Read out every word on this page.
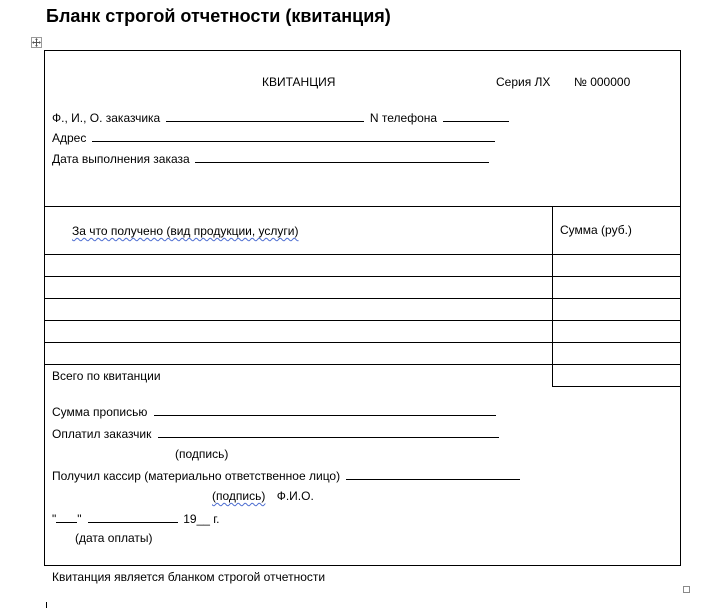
Бланк строгой отчетности (квитанция)
КВИТАНЦИЯ	Серия ЛХ № 000000
Ф., И., О. заказчика	N телефона
Адрес
Дата выполнения заказа
За что получено (вид продукции, услуги)	Сумма (руб.)
Всего по квитанции
Сумма прописью
Оплатил заказчик
(подпись)
Получил кассир (материально ответственное лицо)
(подпись) Ф.И.О.
" "	19__ г.
(дата оплаты)
Квитанция является бланком строгой отчетности
